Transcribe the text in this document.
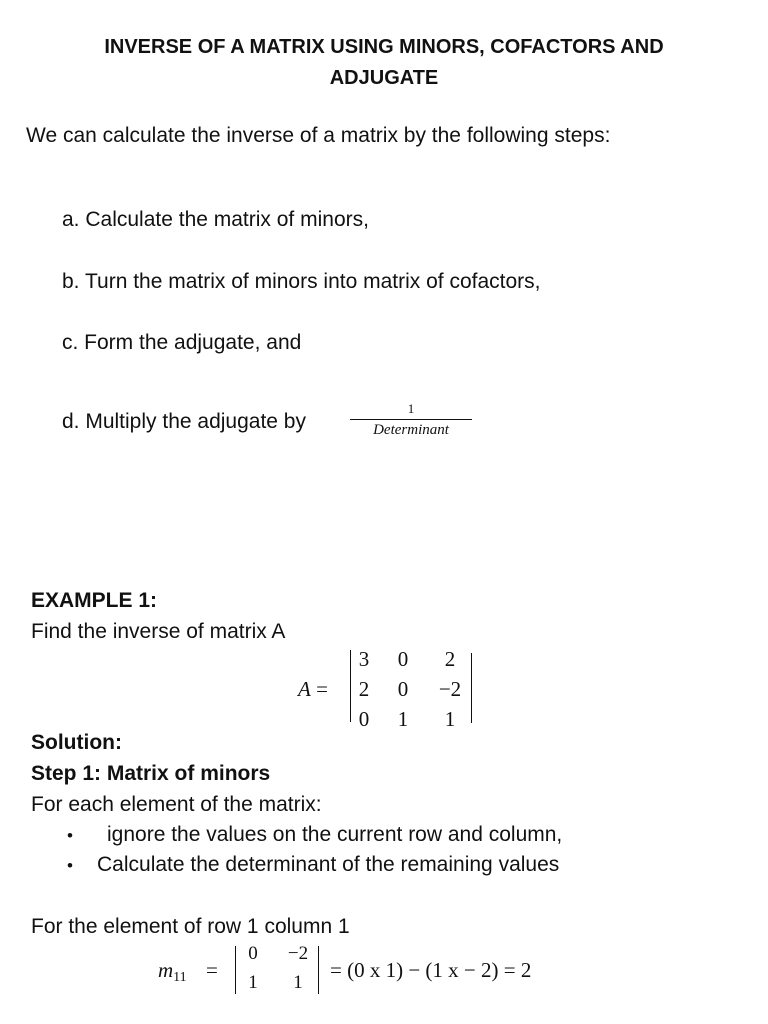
INVERSE OF A MATRIX USING MINORS, COFACTORS AND
ADJUGATE
We can calculate the inverse of a matrix by the following steps:
a. Calculate the matrix of minors,
b. Turn the matrix of minors into matrix of cofactors,
c. Form the adjugate, and
d. Multiply the adjugate by
1
Determinant
EXAMPLE 1:
Find the inverse of matrix A
A =
3	0	2
2	0	−2
0	1	1
Solution:
Step 1: Matrix of minors
For each element of the matrix:
• ignore the values on the current row and column,
• Calculate the determinant of the remaining values
For the element of row 1 column 1
m11 =
0	−2
1	1
= (0 x 1) − (1 x − 2) = 2
